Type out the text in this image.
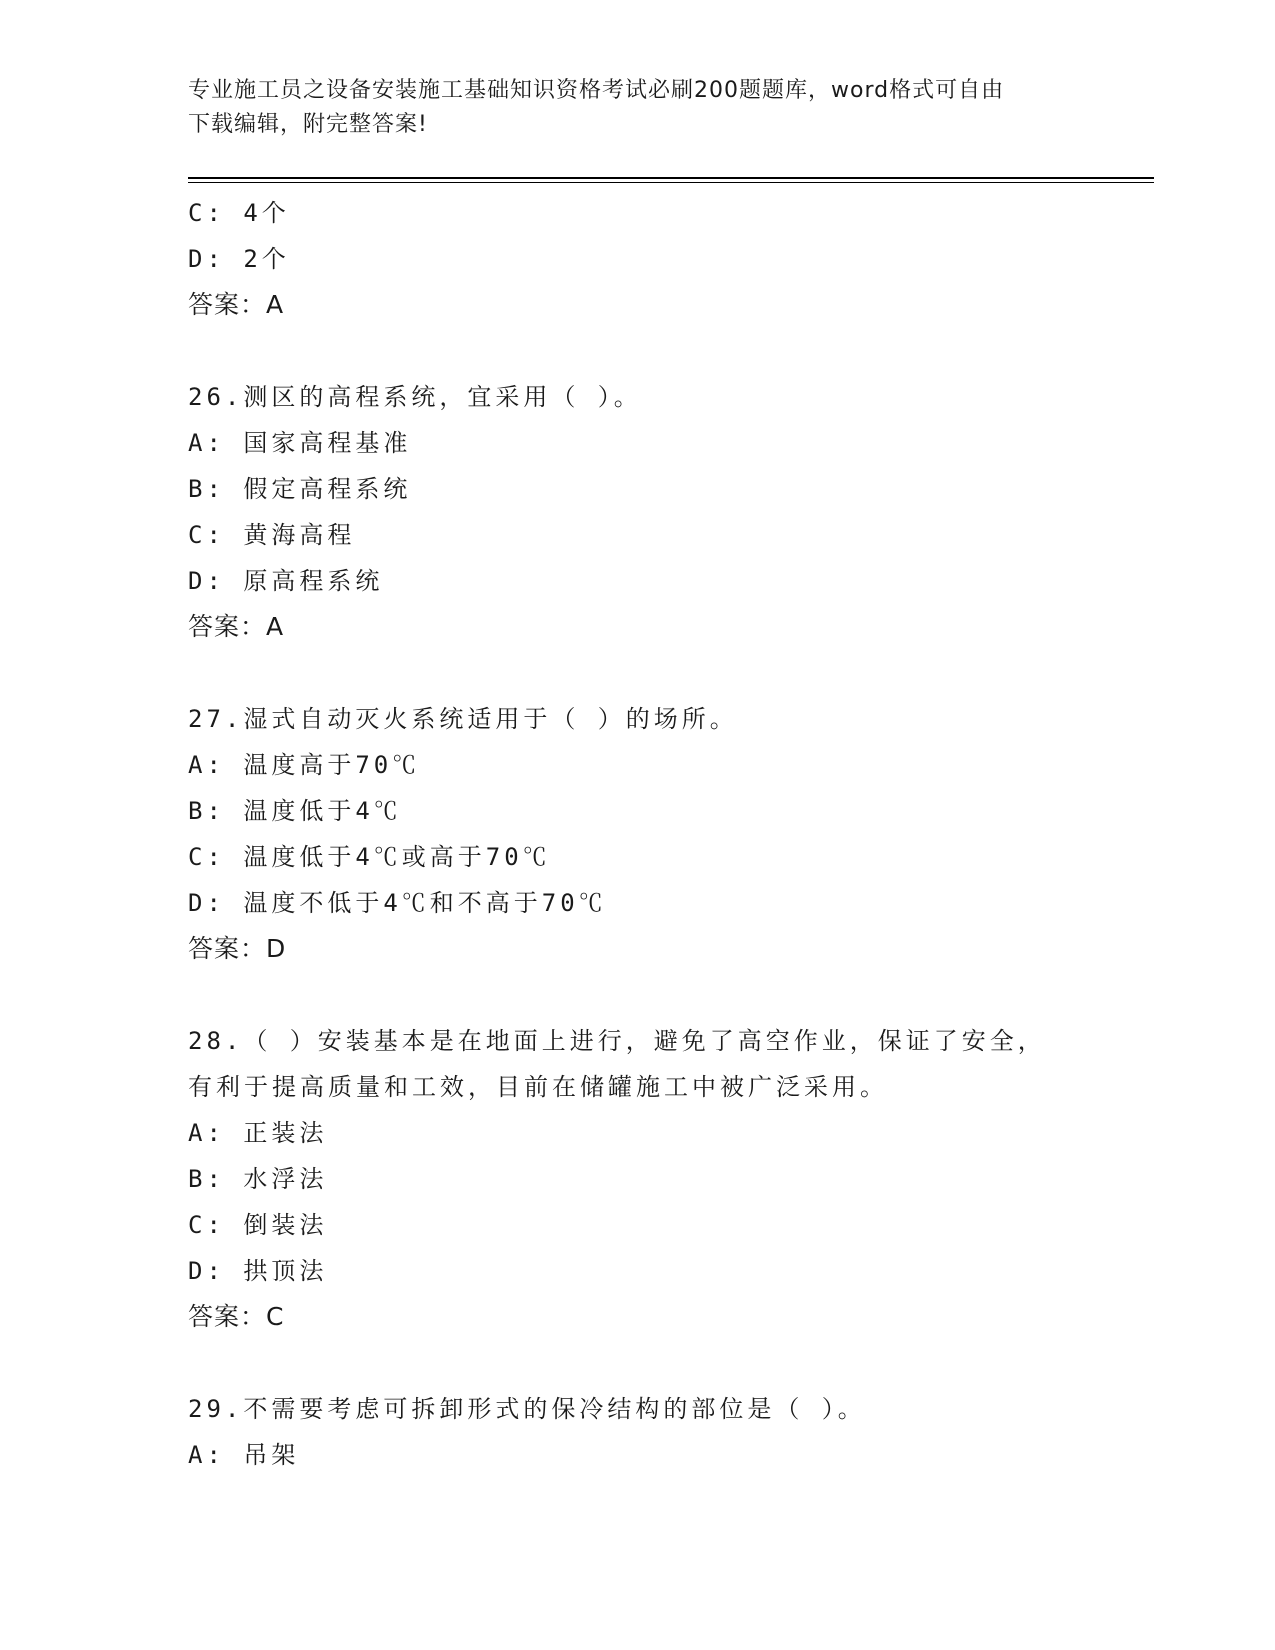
专业施工员之设备安装施工基础知识资格考试必刷200题题库，word格式可自由
下载编辑，附完整答案!
C: 4个
D: 2个
答案：A
26.测区的高程系统，宜采用（ ）。
A: 国家高程基准
B: 假定高程系统
C: 黄海高程
D: 原高程系统
答案：A
27.湿式自动灭火系统适用于（ ）的场所。
A: 温度高于70℃
B: 温度低于4℃
C: 温度低于4℃或高于70℃
D: 温度不低于4℃和不高于70℃
答案：D
28.（ ）安装基本是在地面上进行，避免了高空作业，保证了安全，
有利于提高质量和工效，目前在储罐施工中被广泛采用。
A: 正装法
B: 水浮法
C: 倒装法
D: 拱顶法
答案：C
29.不需要考虑可拆卸形式的保冷结构的部位是（ ）。
A: 吊架
